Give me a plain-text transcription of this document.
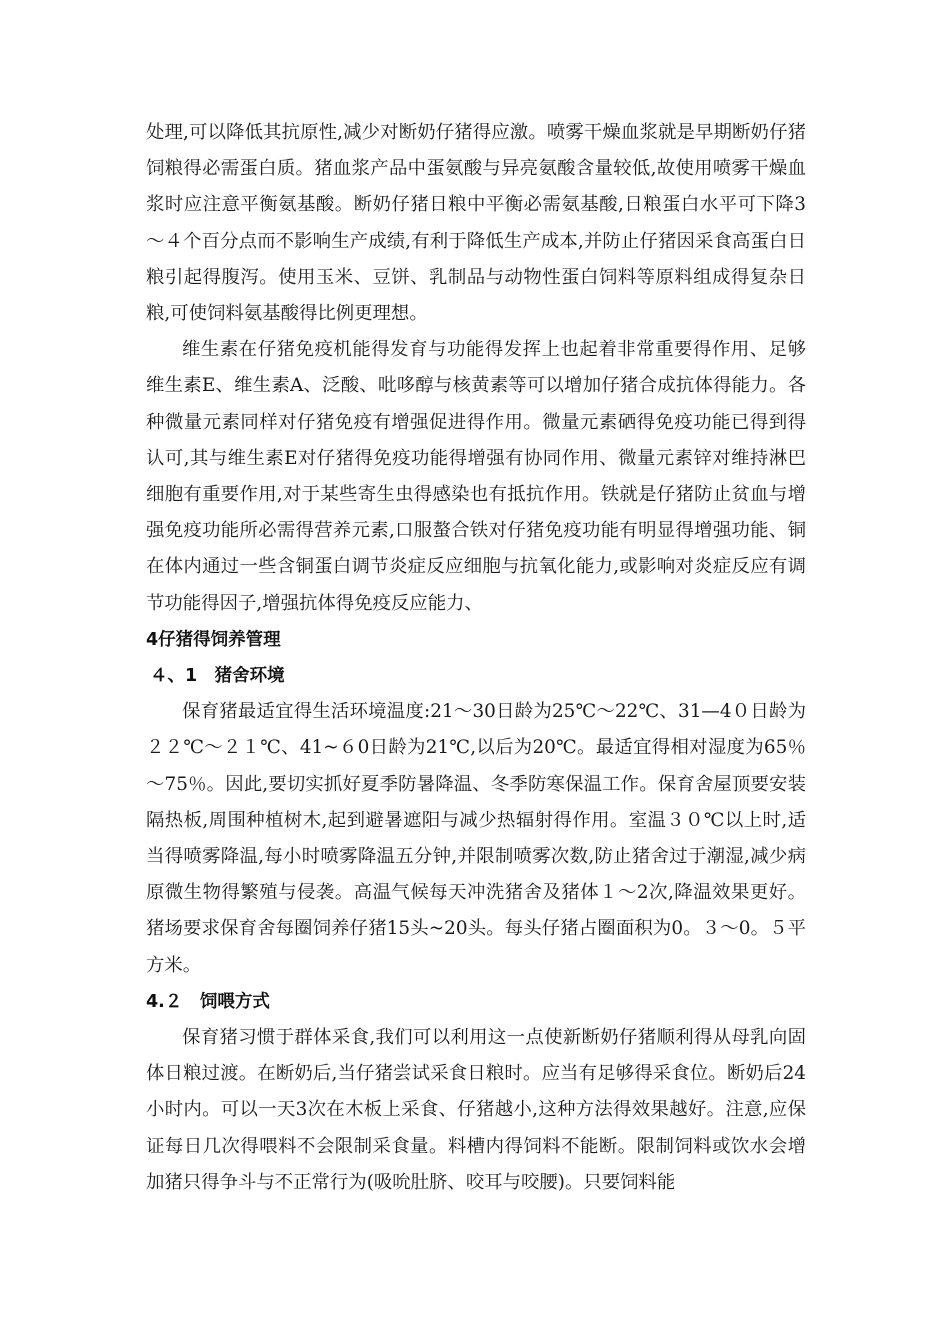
处理,可以降低其抗原性,减少对断奶仔猪得应激。喷雾干燥血浆就是早期断奶仔猪饲粮得必需蛋白质。猪血浆产品中蛋氨酸与异亮氨酸含量较低,故使用喷雾干燥血浆时应注意平衡氨基酸。断奶仔猪日粮中平衡必需氨基酸,日粮蛋白水平可下降3～４个百分点而不影响生产成绩,有利于降低生产成本,并防止仔猪因采食高蛋白日粮引起得腹泻。使用玉米、豆饼、乳制品与动物性蛋白饲料等原料组成得复杂日粮,可使饲料氨基酸得比例更理想。

维生素在仔猪免疫机能得发育与功能得发挥上也起着非常重要得作用、足够维生素E、维生素A、泛酸、吡哆醇与核黄素等可以增加仔猪合成抗体得能力。各种微量元素同样对仔猪免疫有增强促进得作用。微量元素硒得免疫功能已得到得认可,其与维生素E对仔猪得免疫功能得增强有协同作用、微量元素锌对维持淋巴细胞有重要作用,对于某些寄生虫得感染也有抵抗作用。铁就是仔猪防止贫血与增强免疫功能所必需得营养元素,口服螯合铁对仔猪免疫功能有明显得增强功能、铜在体内通过一些含铜蛋白调节炎症反应细胞与抗氧化能力,或影响对炎症反应有调节功能得因子,增强抗体得免疫反应能力、

4仔猪得饲养管理
４、1　猪舍环境

保育猪最适宜得生活环境温度:21～30日龄为25℃～22℃、31—4０日龄为２２℃～２１℃、41~６0日龄为21℃,以后为20℃。最适宜得相对湿度为65％～75％。因此,要切实抓好夏季防暑降温、冬季防寒保温工作。保育舍屋顶要安装隔热板,周围种植树木,起到避暑遮阳与减少热辐射得作用。室温３０℃以上时,适当得喷雾降温,每小时喷雾降温五分钟,并限制喷雾次数,防止猪舍过于潮湿,减少病原微生物得繁殖与侵袭。高温气候每天冲洗猪舍及猪体１～2次,降温效果更好。猪场要求保育舍每圈饲养仔猪15头~20头。每头仔猪占圈面积为0。３～0。５平方米。

4.２　饲喂方式

保育猪习惯于群体采食,我们可以利用这一点使新断奶仔猪顺利得从母乳向固体日粮过渡。在断奶后,当仔猪尝试采食日粮时。应当有足够得采食位。断奶后24小时内。可以一天3次在木板上采食、仔猪越小,这种方法得效果越好。注意,应保证每日几次得喂料不会限制采食量。料槽内得饲料不能断。限制饲料或饮水会增加猪只得争斗与不正常行为(吸吮肚脐、咬耳与咬腰)。只要饲料能
